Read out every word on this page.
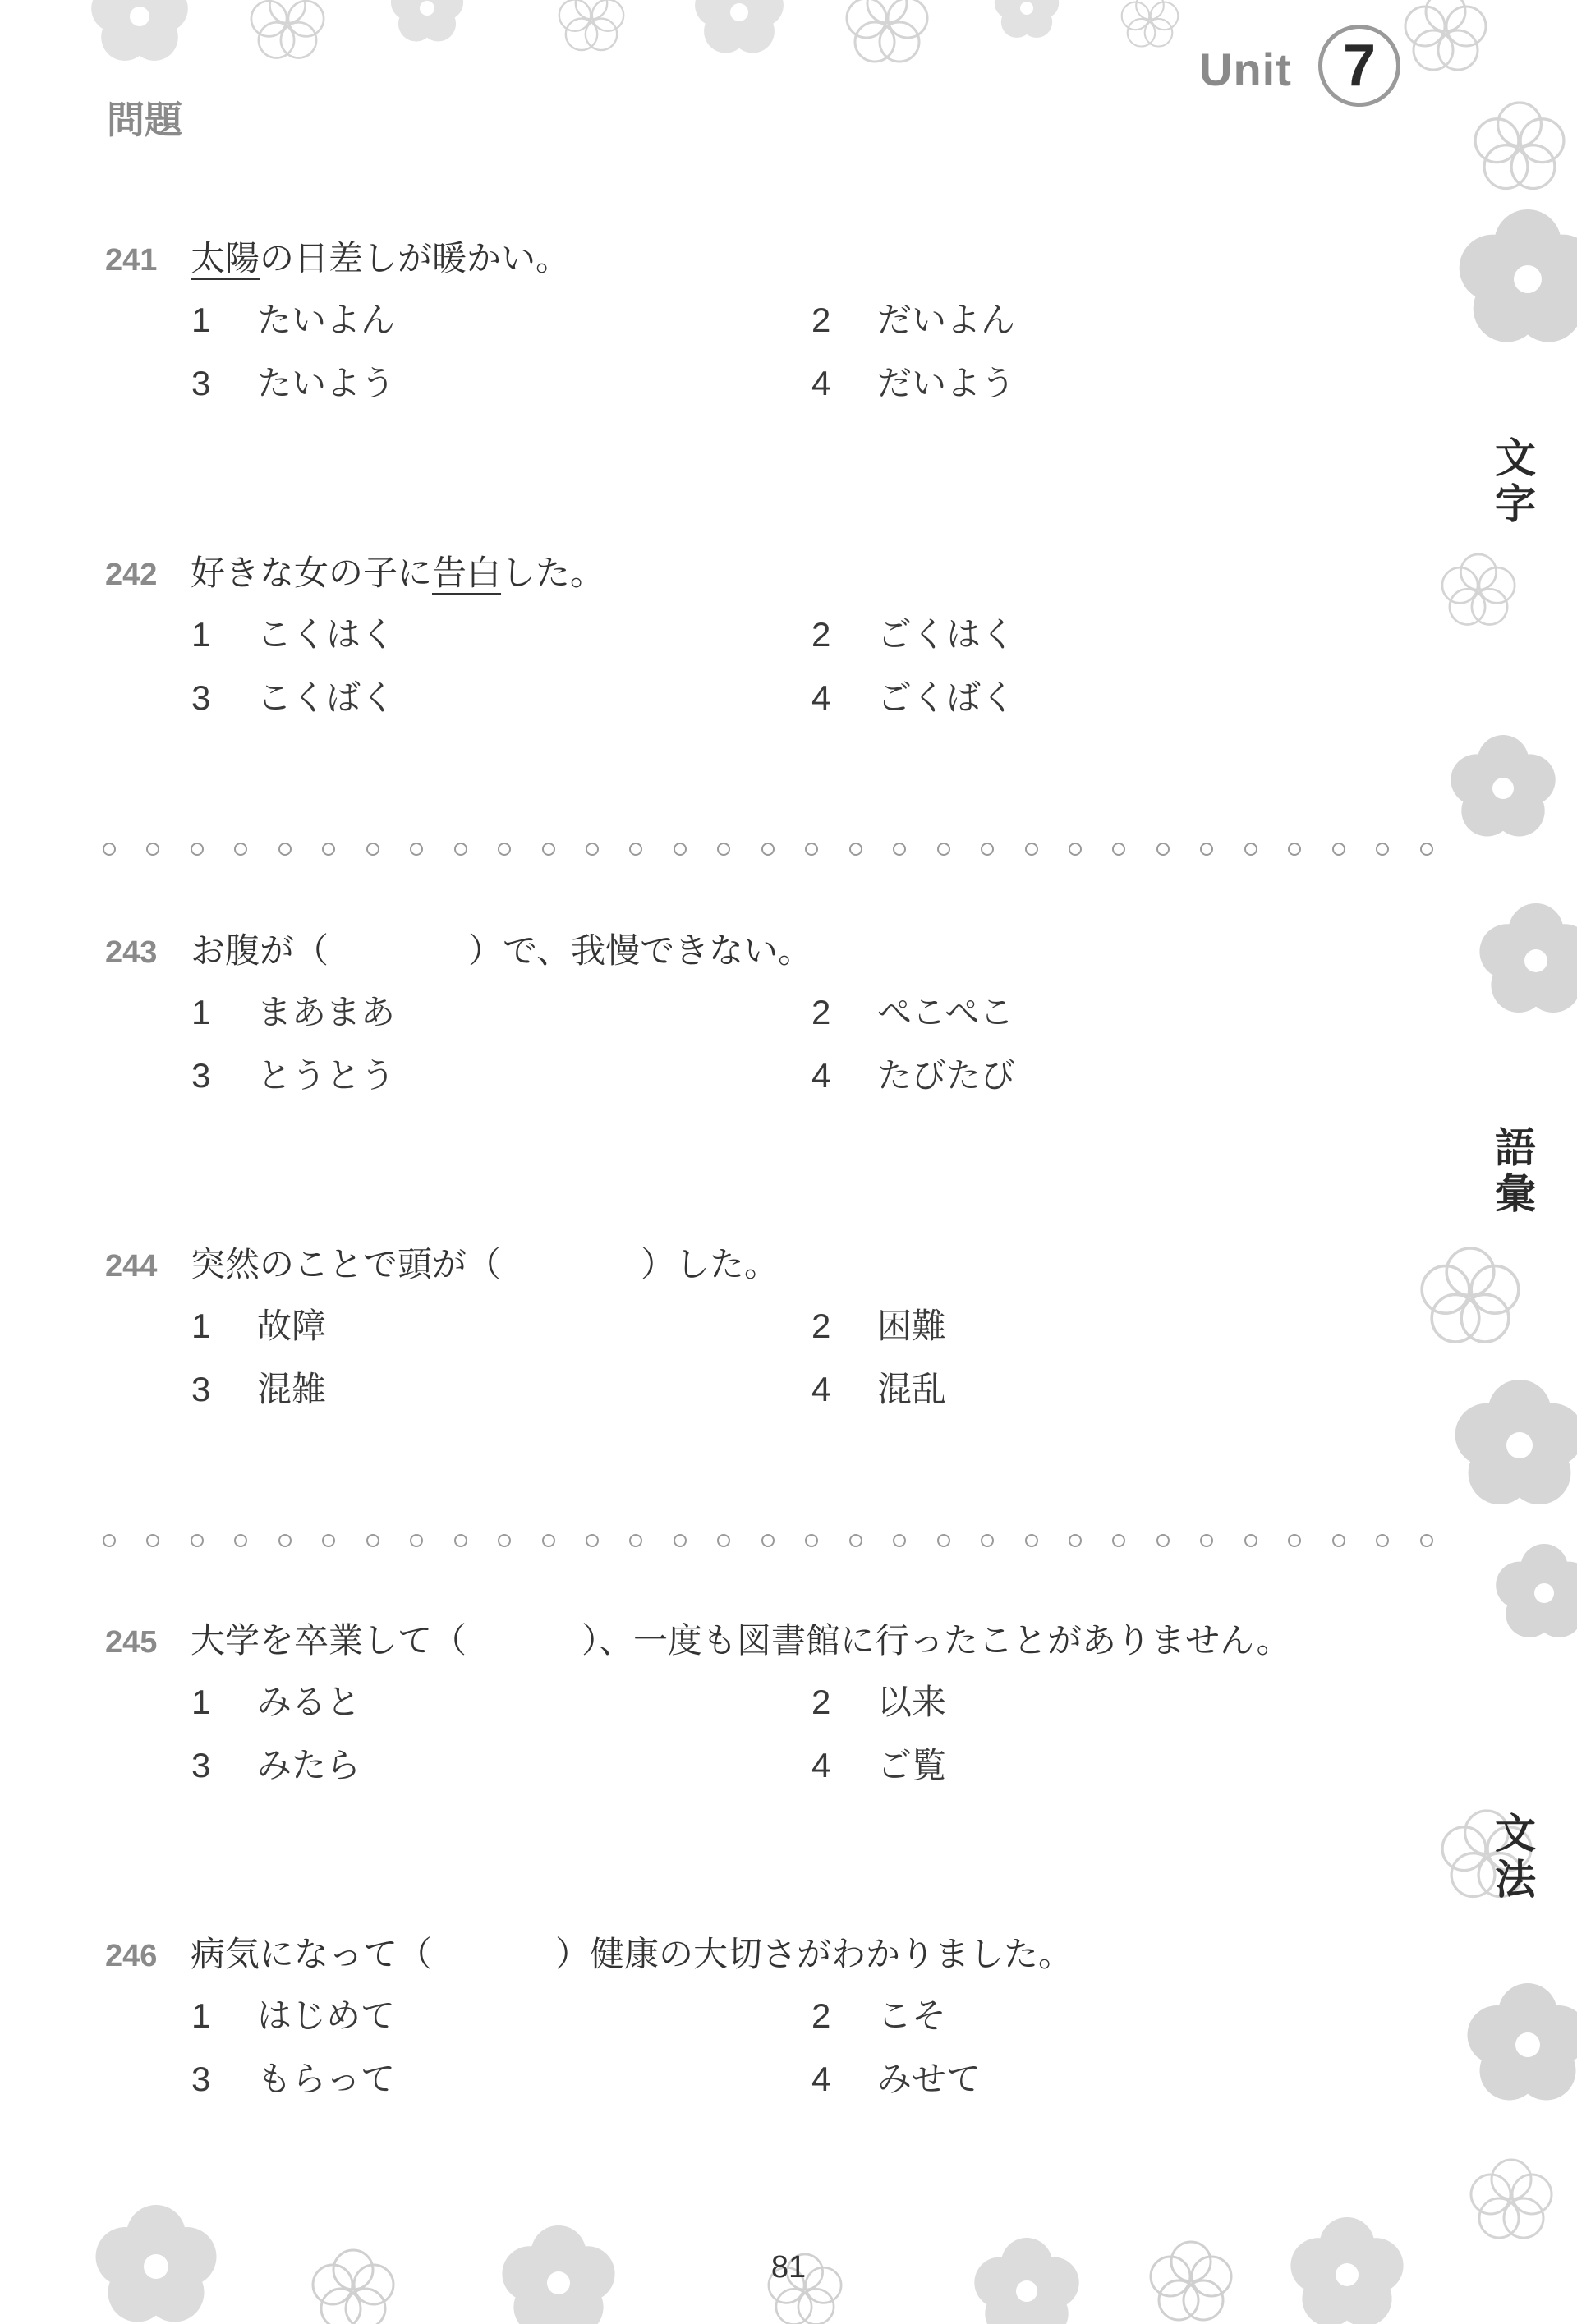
Unit 7
問題
241 太陽の日差しが暖かい。
1 たいよん	2 だいよん
3 たいよう	4 だいよう
242 好きな女の子に告白した。
1 こくはく	2 ごくはく
3 こくばく	4 ごくばく
243 お腹が（	）で、我慢できない。
1 まあまあ	2 ぺこぺこ
3 とうとう	4 たびたび
244 突然のことで頭が（	）した。
1 故障	2 困難
3 混雑	4 混乱
245 大学を卒業して（	）、一度も図書館に行ったことがありません。
1 みると	2 以来
3 みたら	4 ご覧
246 病気になって（	）健康の大切さがわかりました。
1 はじめて	2 こそ
3 もらって	4 みせて
文
字
語
彙
文
法
81
